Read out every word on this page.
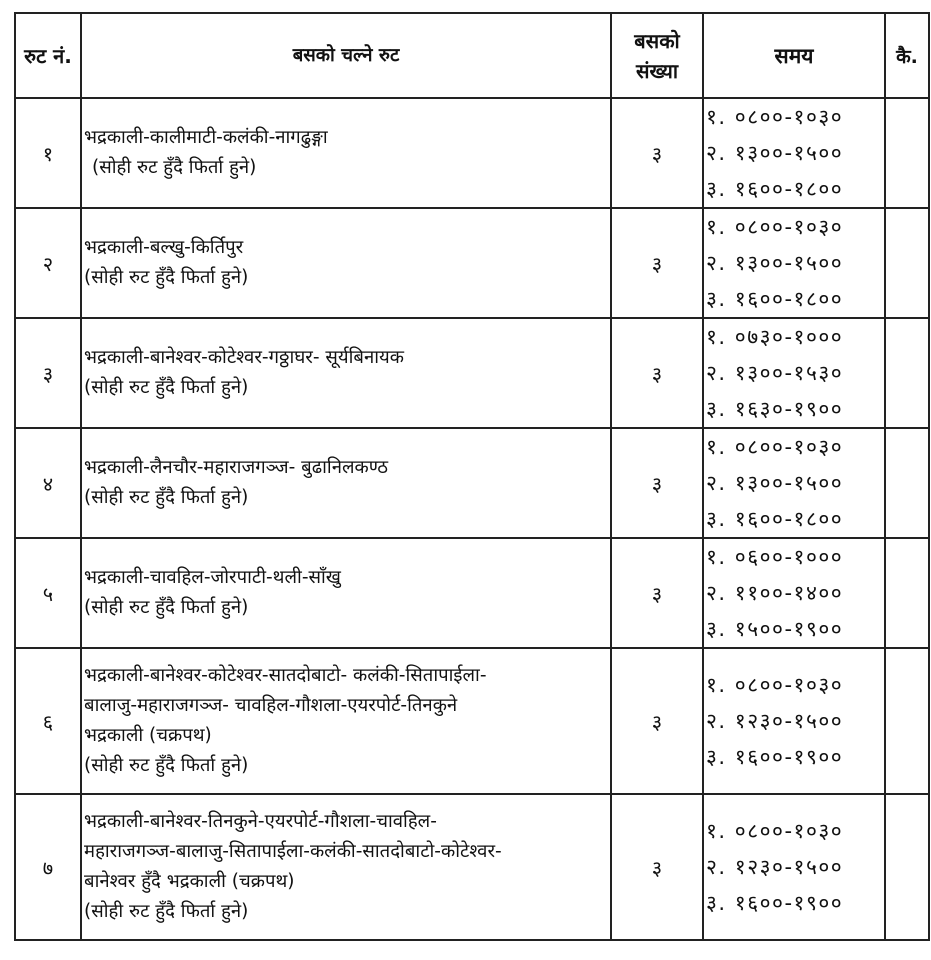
रुट नं.	बसको चल्ने रुट	बसको संख्या	समय	कै.
१	भद्रकाली-कालीमाटी-कलंकी-नागढुङ्गा
(सोही रुट हुँदै फिर्ता हुने)	३	१. ०८००-१०३०
२. १३००-१५००
३. १६००-१८००	

२	भद्रकाली-बल्खु-किर्तिपुर
(सोही रुट हुँदै फिर्ता हुने)	३	१. ०८००-१०३०
२. १३००-१५००
३. १६००-१८००	

३	भद्रकाली-बानेश्वर-कोटेश्वर-गठ्ठाघर- सूर्यबिनायक
(सोही रुट हुँदै फिर्ता हुने)	३	१. ०७३०-१०००
२. १३००-१५३०
३. १६३०-१९००	

४	भद्रकाली-लैनचौर-महाराजगञ्ज- बुढानिलकण्ठ
(सोही रुट हुँदै फिर्ता हुने)	३	१. ०८००-१०३०
२. १३००-१५००
३. १६००-१८००	

५	भद्रकाली-चावहिल-जोरपाटी-थली-साँखु
(सोही रुट हुँदै फिर्ता हुने)	३	१. ०६००-१०००
२. ११००-१४००
३. १५००-१९००	

६	भद्रकाली-बानेश्वर-कोटेश्वर-सातदोबाटो- कलंकी-सितापाईला-
बालाजु-महाराजगञ्ज- चावहिल-गौशला-एयरपोर्ट-तिनकुने
भद्रकाली (चक्रपथ)
(सोही रुट हुँदै फिर्ता हुने)	३	१. ०८००-१०३०
२. १२३०-१५००
३. १६००-१९००	

७	भद्रकाली-बानेश्वर-तिनकुने-एयरपोर्ट-गौशला-चावहिल-
महाराजगञ्ज-बालाजु-सितापाईला-कलंकी-सातदोबाटो-कोटेश्वर-
बानेश्वर हुँदै भद्रकाली (चक्रपथ)
(सोही रुट हुँदै फिर्ता हुने)	३	१. ०८००-१०३०
२. १२३०-१५००
३. १६००-१९००	
